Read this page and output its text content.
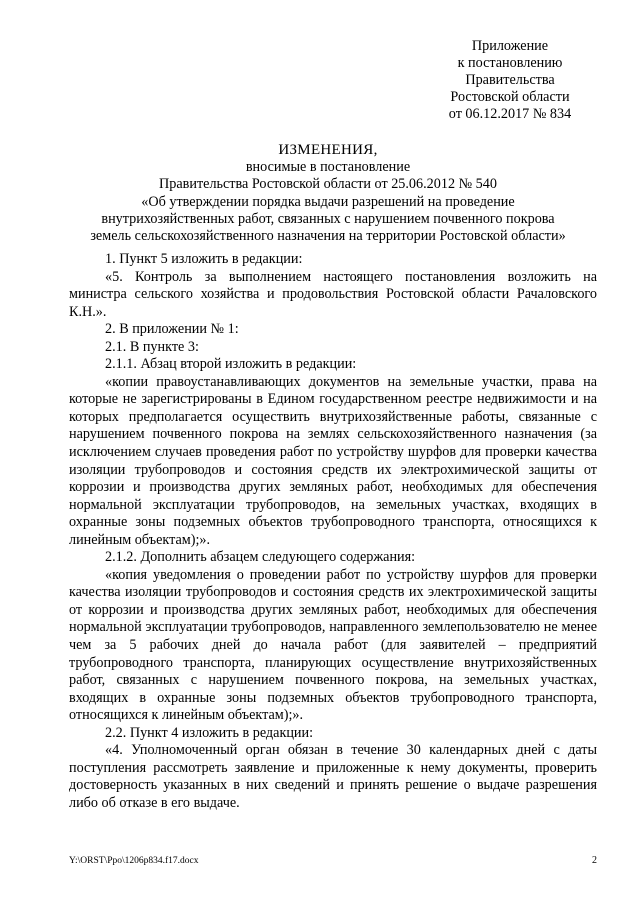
Приложение
к постановлению
Правительства
Ростовской области
от 06.12.2017 № 834
ИЗМЕНЕНИЯ,
вносимые в постановление
Правительства Ростовской области от 25.06.2012 № 540
«Об утверждении порядка выдачи разрешений на проведение
внутрихозяйственных работ, связанных с нарушением почвенного покрова
земель сельскохозяйственного назначения на территории Ростовской области»

1. Пункт 5 изложить в редакции:

«5. Контроль за выполнением настоящего постановления возложить на министра сельского хозяйства и продовольствия Ростовской области Рачаловского К.Н.».

2. В приложении № 1:

2.1. В пункте 3:

2.1.1. Абзац второй изложить в редакции:

«копии правоустанавливающих документов на земельные участки, права на которые не зарегистрированы в Едином государственном реестре недвижимости и на которых предполагается осуществить внутрихозяйственные работы, связанные с нарушением почвенного покрова на землях сельскохозяйственного назначения (за исключением случаев проведения работ по устройству шурфов для проверки качества изоляции трубопроводов и состояния средств их электрохимической защиты от коррозии и производства других земляных работ, необходимых для обеспечения нормальной эксплуатации трубопроводов, на земельных участках, входящих в охранные зоны подземных объектов трубопроводного транспорта, относящихся к линейным объектам);».

2.1.2. Дополнить абзацем следующего содержания:

«копия уведомления о проведении работ по устройству шурфов для проверки качества изоляции трубопроводов и состояния средств их электрохимической защиты от коррозии и производства других земляных работ, необходимых для обеспечения нормальной эксплуатации трубопроводов, направленного землепользователю не менее чем за 5 рабочих дней до начала работ (для заявителей – предприятий трубопроводного транспорта, планирующих осуществление внутрихозяйственных работ, связанных с нарушением почвенного покрова, на земельных участках, входящих в охранные зоны подземных объектов трубопроводного транспорта, относящихся к линейным объектам);».

2.2. Пункт 4 изложить в редакции:

«4. Уполномоченный орган обязан в течение 30 календарных дней с даты поступления рассмотреть заявление и приложенные к нему документы, проверить достоверность указанных в них сведений и принять решение о выдаче разрешения либо об отказе в его выдаче.

Y:\ORST\Ppo\1206p834.f17.docx	2
